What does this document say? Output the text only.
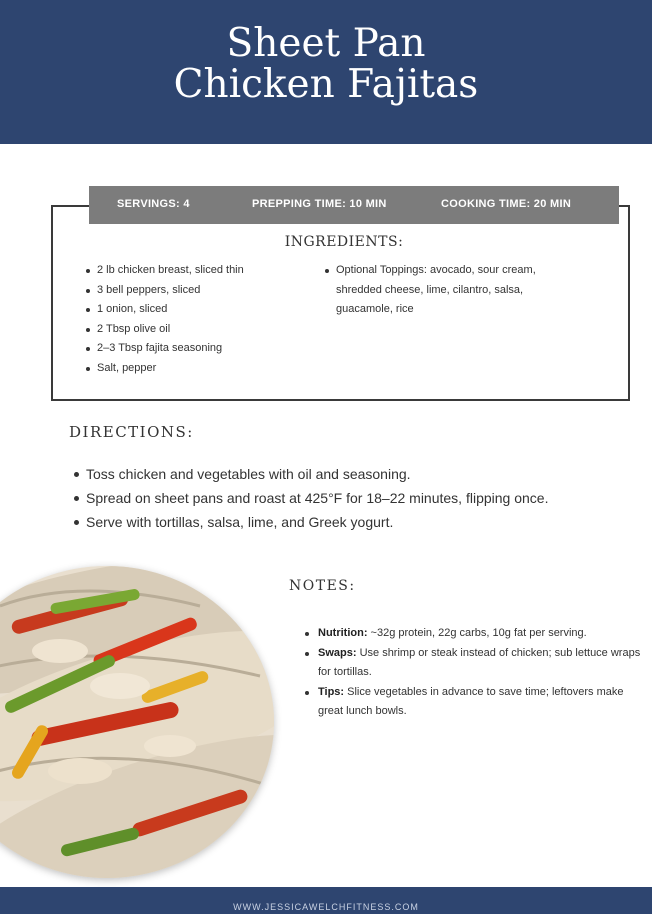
Sheet Pan
Chicken Fajitas
SERVINGS: 4	PREPPING TIME: 10 MIN	COOKING TIME: 20 MIN
INGREDIENTS:
2 lb chicken breast, sliced thin
3 bell peppers, sliced
1 onion, sliced
2 Tbsp olive oil
2–3 Tbsp fajita seasoning
Salt, pepper
Optional Toppings: avocado, sour cream, shredded cheese, lime, cilantro, salsa, guacamole, rice
DIRECTIONS:
Toss chicken and vegetables with oil and seasoning.
Spread on sheet pans and roast at 425°F for 18–22 minutes, flipping once.
Serve with tortillas, salsa, lime, and Greek yogurt.
NOTES:
Nutrition: ~32g protein, 22g carbs, 10g fat per serving.
Swaps: Use shrimp or steak instead of chicken; sub lettuce wraps for tortillas.
Tips: Slice vegetables in advance to save time; leftovers make great lunch bowls.
WWW.JESSICAWELCHFITNESS.COM
